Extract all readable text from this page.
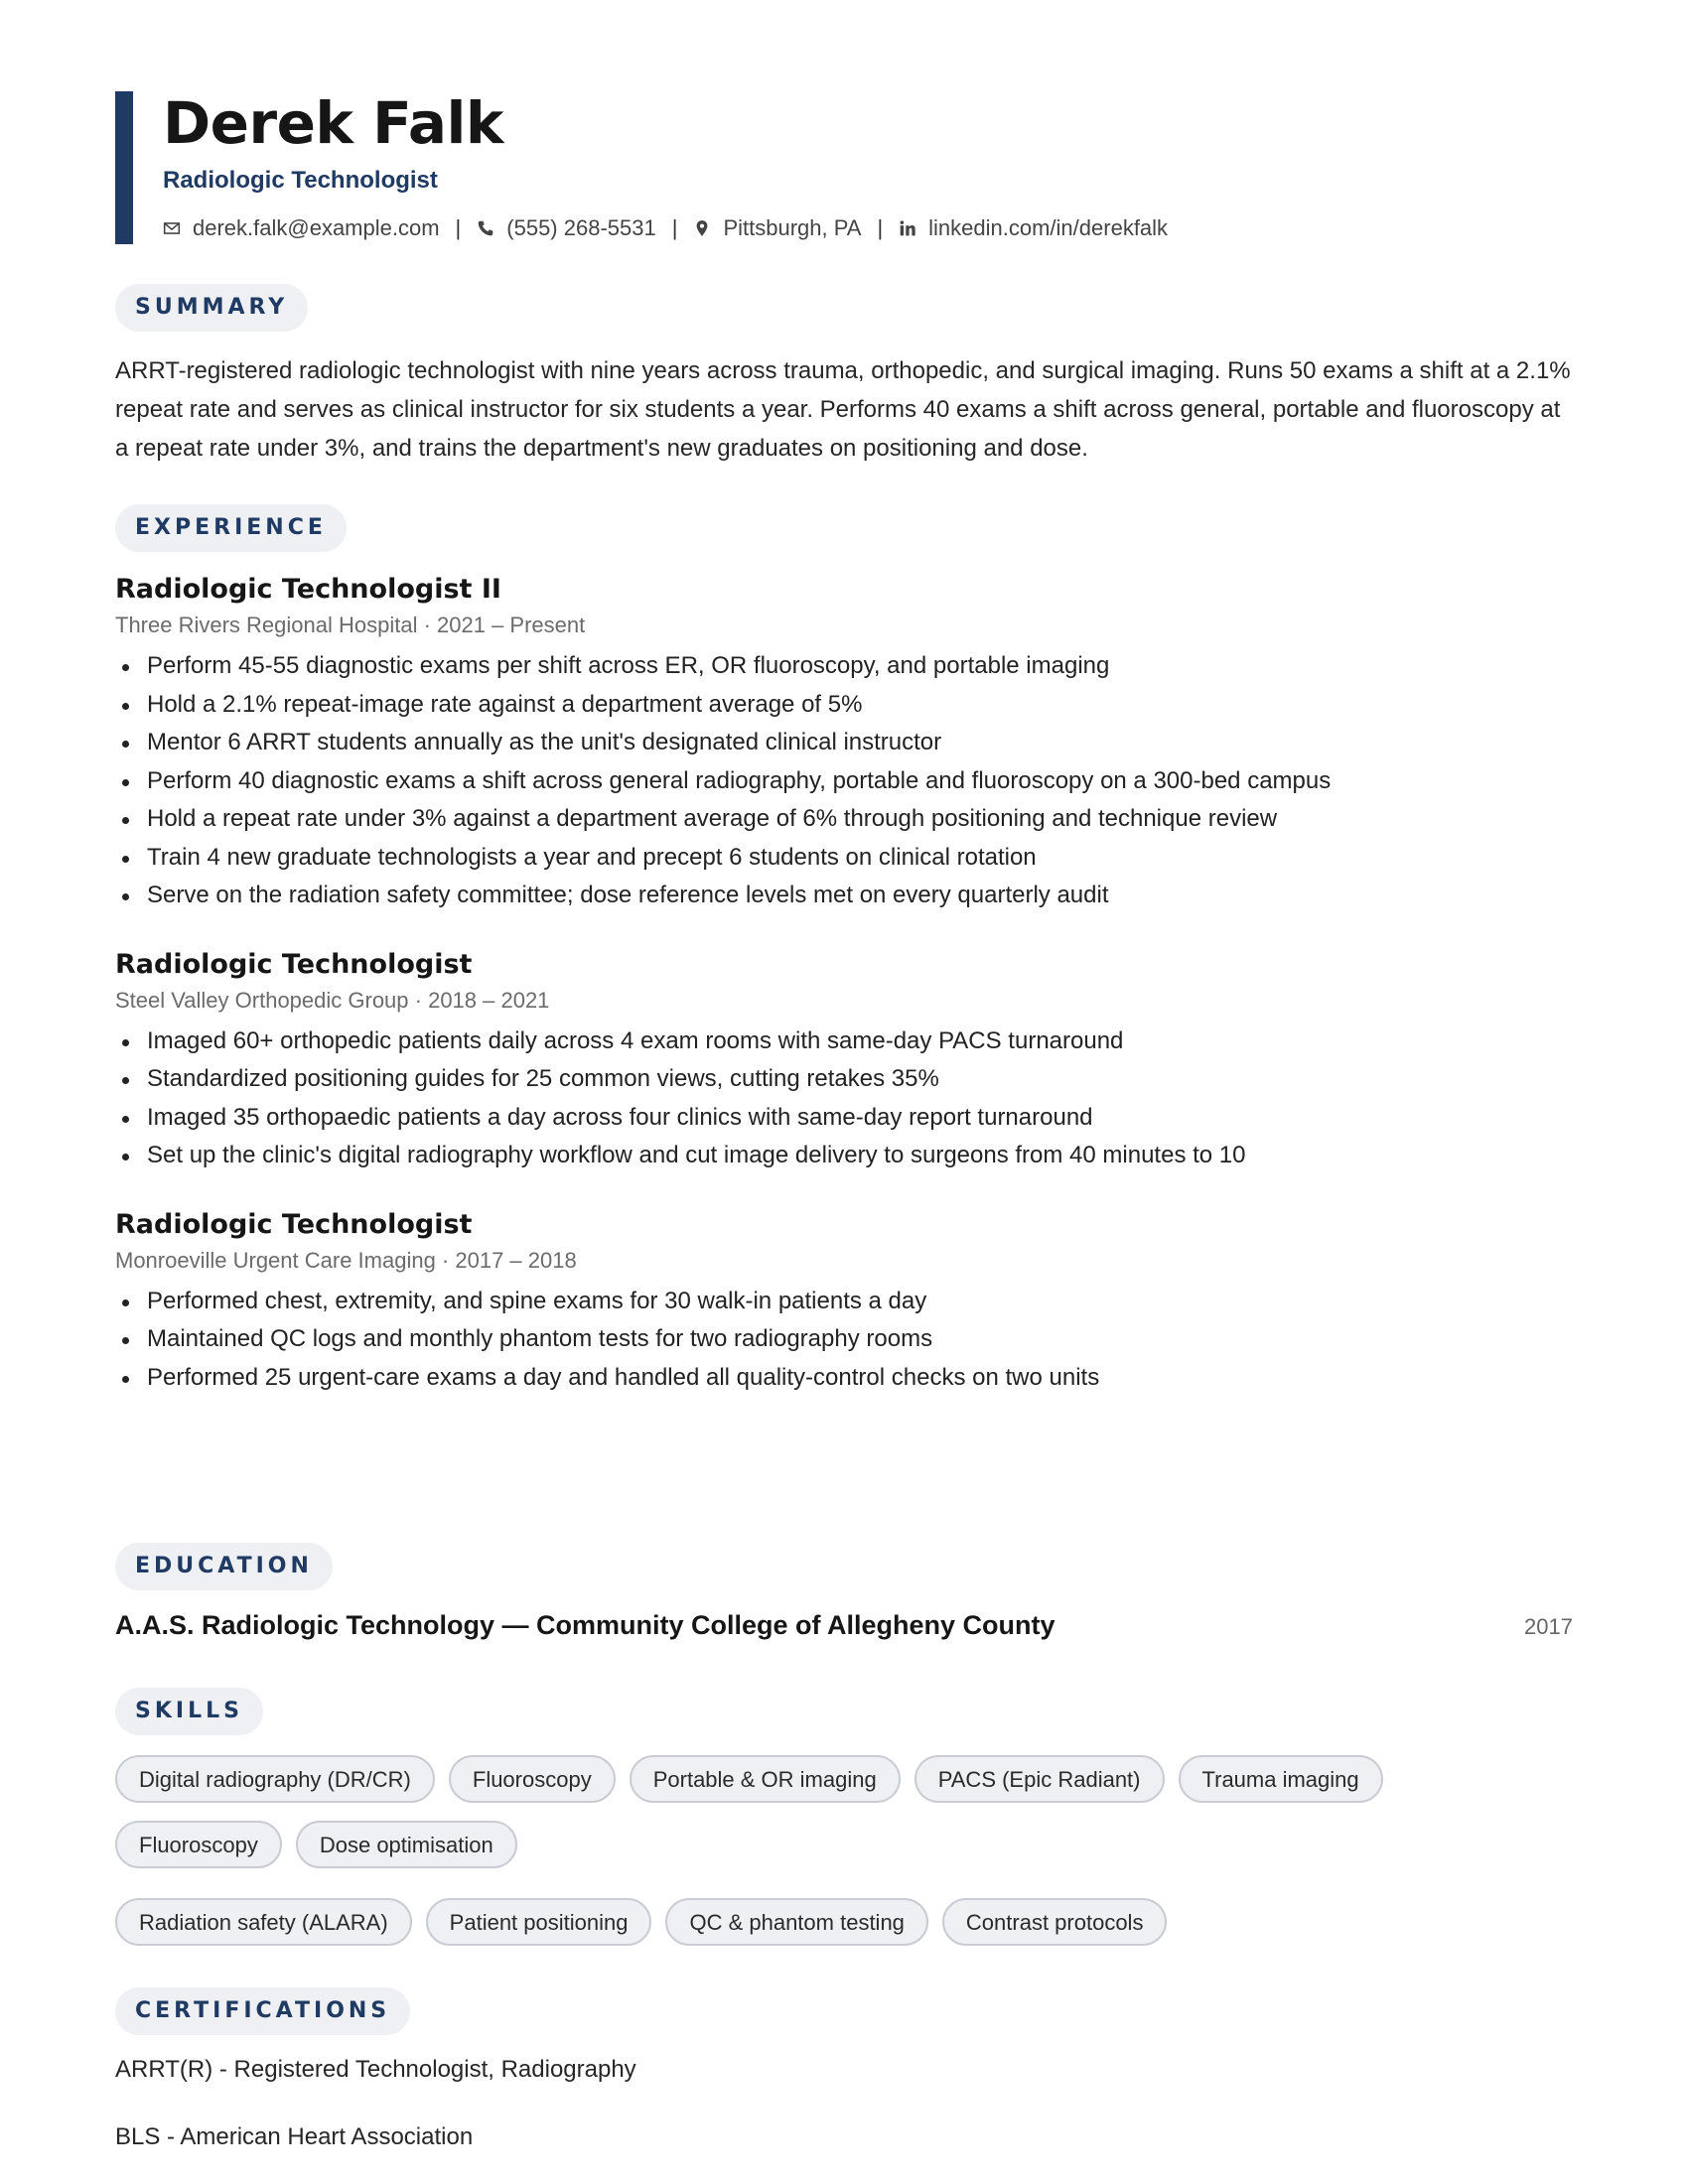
Derek Falk
Radiologic Technologist
derek.falk@example.com | (555) 268-5531 | Pittsburgh, PA | linkedin.com/in/derekfalk
SUMMARY
ARRT-registered radiologic technologist with nine years across trauma, orthopedic, and surgical imaging. Runs 50 exams a shift at a 2.1% repeat rate and serves as clinical instructor for six students a year. Performs 40 exams a shift across general, portable and fluoroscopy at a repeat rate under 3%, and trains the department's new graduates on positioning and dose.
EXPERIENCE
Radiologic Technologist II
Three Rivers Regional Hospital · 2021 – Present
Perform 45-55 diagnostic exams per shift across ER, OR fluoroscopy, and portable imaging
Hold a 2.1% repeat-image rate against a department average of 5%
Mentor 6 ARRT students annually as the unit's designated clinical instructor
Perform 40 diagnostic exams a shift across general radiography, portable and fluoroscopy on a 300-bed campus
Hold a repeat rate under 3% against a department average of 6% through positioning and technique review
Train 4 new graduate technologists a year and precept 6 students on clinical rotation
Serve on the radiation safety committee; dose reference levels met on every quarterly audit
Radiologic Technologist
Steel Valley Orthopedic Group · 2018 – 2021
Imaged 60+ orthopedic patients daily across 4 exam rooms with same-day PACS turnaround
Standardized positioning guides for 25 common views, cutting retakes 35%
Imaged 35 orthopaedic patients a day across four clinics with same-day report turnaround
Set up the clinic's digital radiography workflow and cut image delivery to surgeons from 40 minutes to 10
Radiologic Technologist
Monroeville Urgent Care Imaging · 2017 – 2018
Performed chest, extremity, and spine exams for 30 walk-in patients a day
Maintained QC logs and monthly phantom tests for two radiography rooms
Performed 25 urgent-care exams a day and handled all quality-control checks on two units
EDUCATION
A.A.S. Radiologic Technology — Community College of Allegheny County	2017
SKILLS
Digital radiography (DR/CR)	Fluoroscopy	Portable & OR imaging	PACS (Epic Radiant)	Trauma imaging
Fluoroscopy	Dose optimisation
Radiation safety (ALARA)	Patient positioning	QC & phantom testing	Contrast protocols
CERTIFICATIONS
ARRT(R) - Registered Technologist, Radiography
BLS - American Heart Association
